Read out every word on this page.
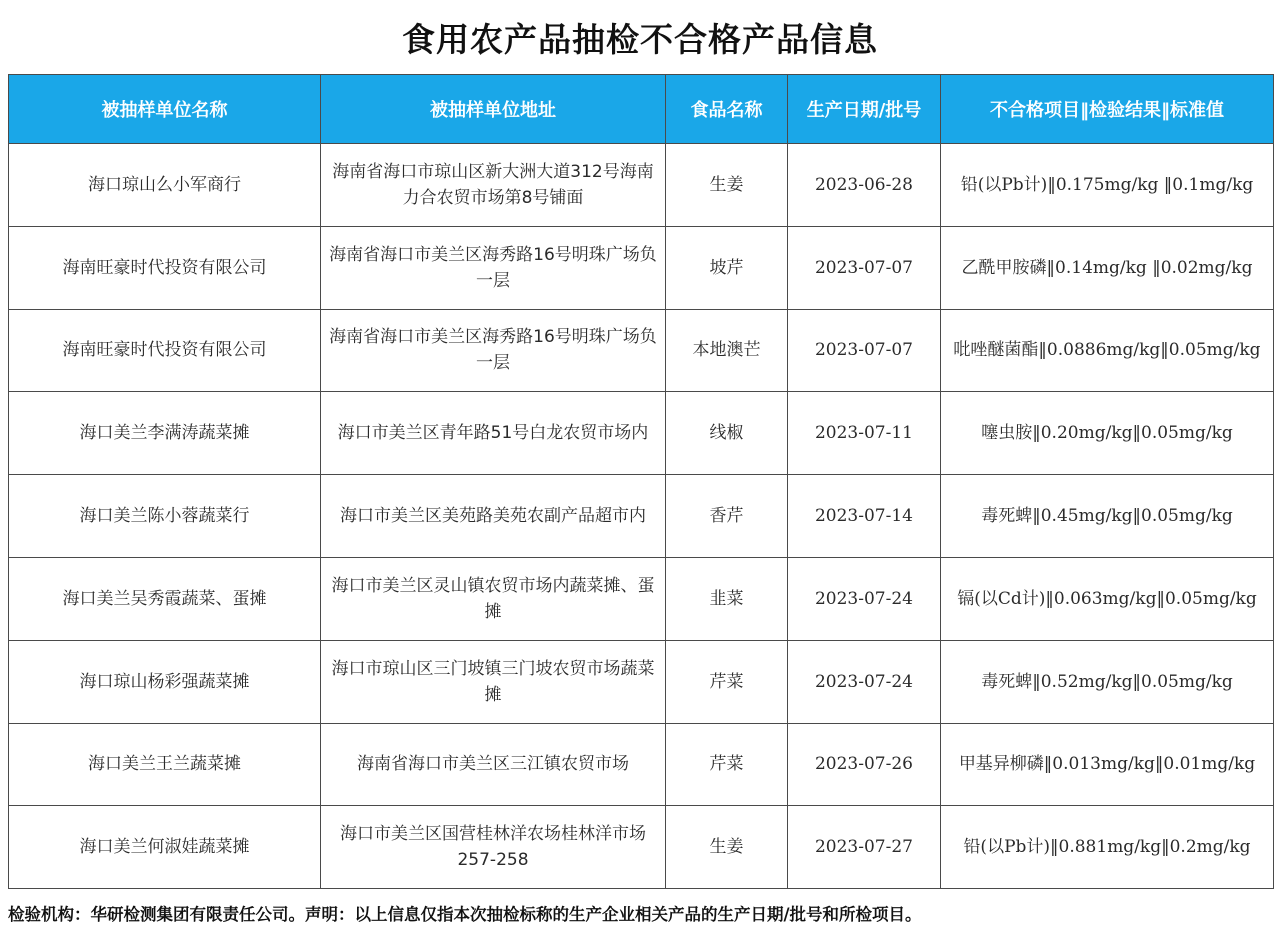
食用农产品抽检不合格产品信息
被抽样单位名称	被抽样单位地址	食品名称	生产日期/批号	不合格项目‖检验结果‖标准值
海口琼山么小军商行	海南省海口市琼山区新大洲大道312号海南力合农贸市场第8号铺面	生姜	2023-06-28	铅(以Pb计)‖0.175mg/kg ‖0.1mg/kg
海南旺豪时代投资有限公司	海南省海口市美兰区海秀路16号明珠广场负一层	坡芹	2023-07-07	乙酰甲胺磷‖0.14mg/kg ‖0.02mg/kg
海南旺豪时代投资有限公司	海南省海口市美兰区海秀路16号明珠广场负一层	本地澳芒	2023-07-07	吡唑醚菌酯‖0.0886mg/kg‖0.05mg/kg
海口美兰李满涛蔬菜摊	海口市美兰区青年路51号白龙农贸市场内	线椒	2023-07-11	噻虫胺‖0.20mg/kg‖0.05mg/kg
海口美兰陈小蓉蔬菜行	海口市美兰区美苑路美苑农副产品超市内	香芹	2023-07-14	毒死蜱‖0.45mg/kg‖0.05mg/kg
海口美兰吴秀霞蔬菜、蛋摊	海口市美兰区灵山镇农贸市场内蔬菜摊、蛋摊	韭菜	2023-07-24	镉(以Cd计)‖0.063mg/kg‖0.05mg/kg
海口琼山杨彩强蔬菜摊	海口市琼山区三门坡镇三门坡农贸市场蔬菜摊	芹菜	2023-07-24	毒死蜱‖0.52mg/kg‖0.05mg/kg
海口美兰王兰蔬菜摊	海南省海口市美兰区三江镇农贸市场	芹菜	2023-07-26	甲基异柳磷‖0.013mg/kg‖0.01mg/kg
海口美兰何淑娃蔬菜摊	海口市美兰区国营桂林洋农场桂林洋市场257-258	生姜	2023-07-27	铅(以Pb计)‖0.881mg/kg‖0.2mg/kg
检验机构：华研检测集团有限责任公司。声明：以上信息仅指本次抽检标称的生产企业相关产品的生产日期/批号和所检项目。
